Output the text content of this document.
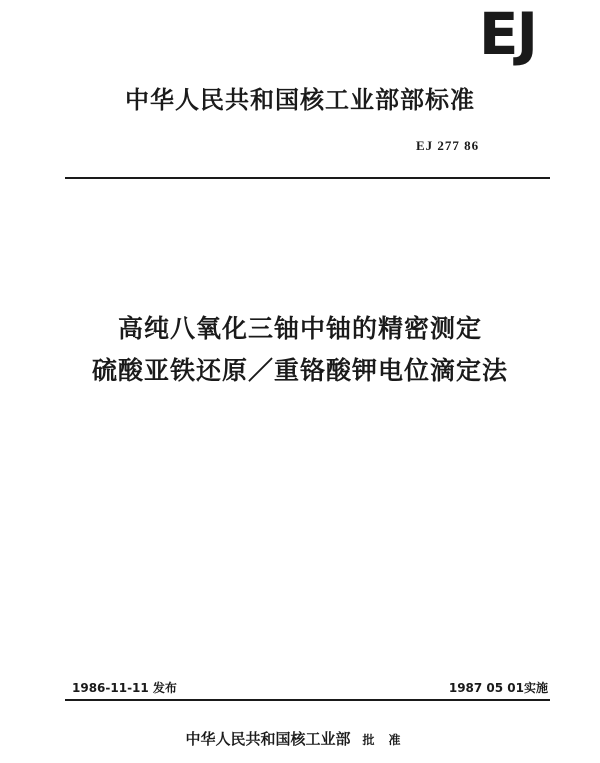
EJ
中华人民共和国核工业部部标准
EJ 277 86
高纯八氧化三铀中铀的精密测定
硫酸亚铁还原／重铬酸钾电位滴定法
1986-11-11 发布	1987 05 01实施
中华人民共和国核工业部 批准
